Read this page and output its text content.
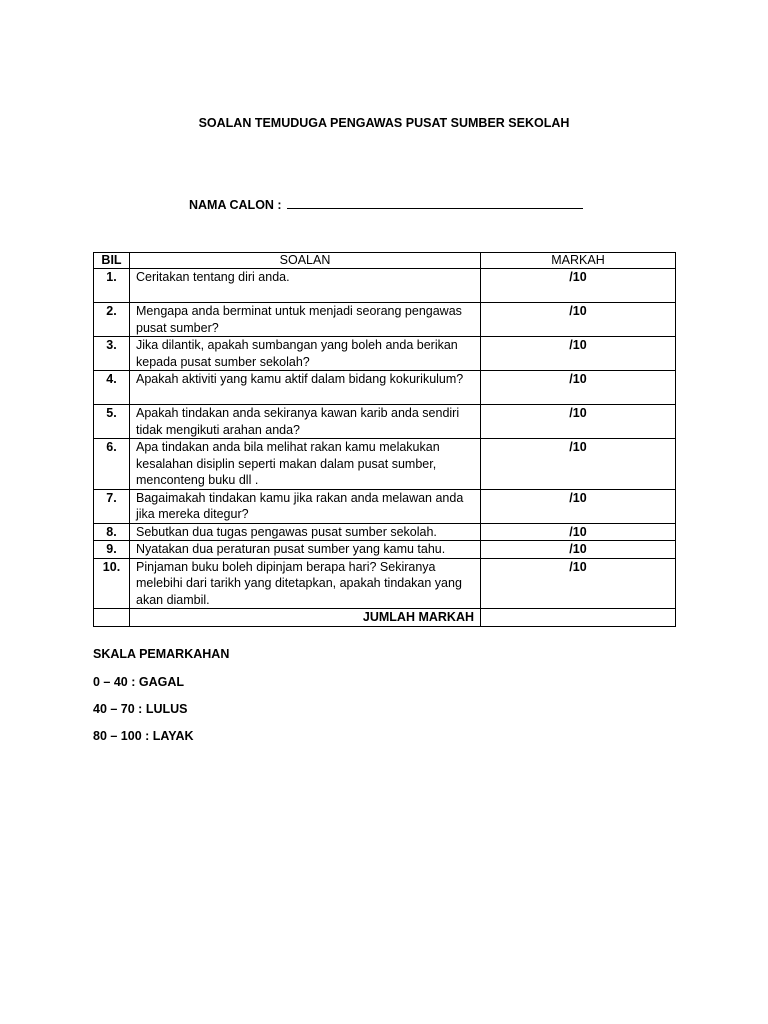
SOALAN TEMUDUGA PENGAWAS PUSAT SUMBER SEKOLAH
NAMA CALON :
BIL	SOALAN	MARKAH
1.	Ceritakan tentang diri anda.	/10
2.	Mengapa anda berminat untuk menjadi seorang pengawas pusat sumber?	/10
3.	Jika dilantik, apakah sumbangan yang boleh anda berikan kepada pusat sumber sekolah?	/10
4.	Apakah aktiviti yang kamu aktif dalam bidang kokurikulum?	/10
5.	Apakah tindakan anda sekiranya kawan karib anda sendiri tidak mengikuti arahan anda?	/10
6.	Apa tindakan anda bila melihat rakan kamu melakukan kesalahan disiplin seperti makan dalam pusat sumber, menconteng buku dll .	/10
7.	Bagaimakah tindakan kamu jika rakan anda melawan anda jika mereka ditegur?	/10
8.	Sebutkan dua tugas pengawas pusat sumber sekolah.	/10
9.	Nyatakan dua peraturan pusat sumber yang kamu tahu.	/10
10.	Pinjaman buku boleh dipinjam berapa hari? Sekiranya melebihi dari tarikh yang ditetapkan, apakah tindakan yang akan diambil.	/10
	JUMLAH MARKAH	
SKALA PEMARKAHAN
0 – 40 : GAGAL
40 – 70 : LULUS
80 – 100 : LAYAK
